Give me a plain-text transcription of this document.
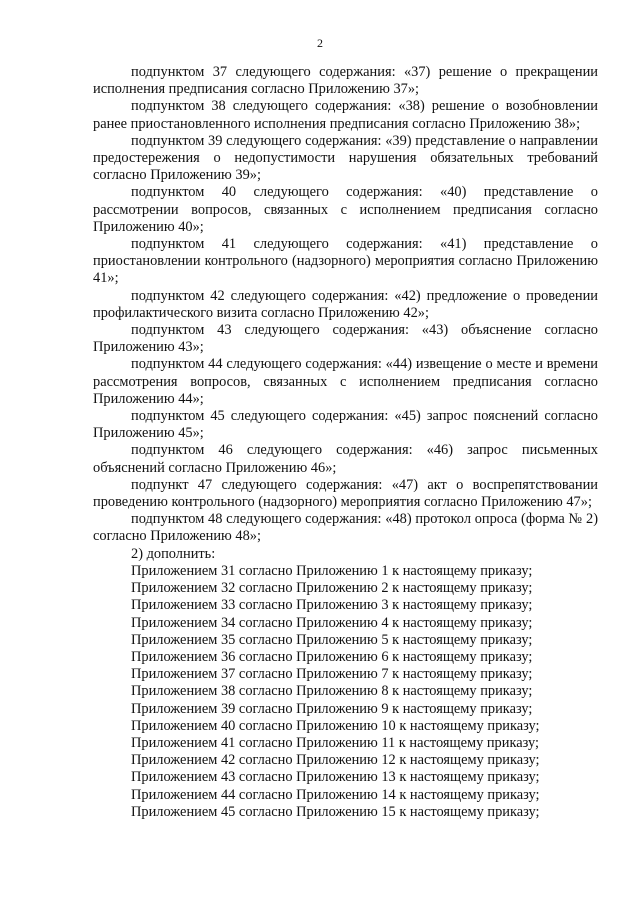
2

подпунктом 37 следующего содержания: «37) решение о прекращении исполнения предписания согласно Приложению 37»;

подпунктом 38 следующего содержания: «38) решение о возобновлении ранее приостановленного исполнения предписания согласно Приложению 38»;

подпунктом 39 следующего содержания: «39) представление о направлении предостережения о недопустимости нарушения обязательных требований согласно Приложению 39»;

подпунктом 40 следующего содержания: «40) представление о рассмотрении вопросов, связанных с исполнением предписания согласно Приложению 40»;

подпунктом 41 следующего содержания: «41) представление о приостановлении контрольного (надзорного) мероприятия согласно Приложению 41»;

подпунктом 42 следующего содержания: «42) предложение о проведении профилактического визита согласно Приложению 42»;

подпунктом 43 следующего содержания: «43) объяснение согласно Приложению 43»;

подпунктом 44 следующего содержания: «44) извещение о месте и времени рассмотрения вопросов, связанных с исполнением предписания согласно Приложению 44»;

подпунктом 45 следующего содержания: «45) запрос пояснений согласно Приложению 45»;

подпунктом 46 следующего содержания: «46) запрос письменных объяснений согласно Приложению 46»;

подпункт 47 следующего содержания: «47) акт о воспрепятствовании проведению контрольного (надзорного) мероприятия согласно Приложению 47»;

подпунктом 48 следующего содержания: «48) протокол опроса (форма № 2) согласно Приложению 48»;

2) дополнить:

Приложением 31 согласно Приложению 1 к настоящему приказу;

Приложением 32 согласно Приложению 2 к настоящему приказу;

Приложением 33 согласно Приложению 3 к настоящему приказу;

Приложением 34 согласно Приложению 4 к настоящему приказу;

Приложением 35 согласно Приложению 5 к настоящему приказу;

Приложением 36 согласно Приложению 6 к настоящему приказу;

Приложением 37 согласно Приложению 7 к настоящему приказу;

Приложением 38 согласно Приложению 8 к настоящему приказу;

Приложением 39 согласно Приложению 9 к настоящему приказу;

Приложением 40 согласно Приложению 10 к настоящему приказу;

Приложением 41 согласно Приложению 11 к настоящему приказу;

Приложением 42 согласно Приложению 12 к настоящему приказу;

Приложением 43 согласно Приложению 13 к настоящему приказу;

Приложением 44 согласно Приложению 14 к настоящему приказу;

Приложением 45 согласно Приложению 15 к настоящему приказу;
